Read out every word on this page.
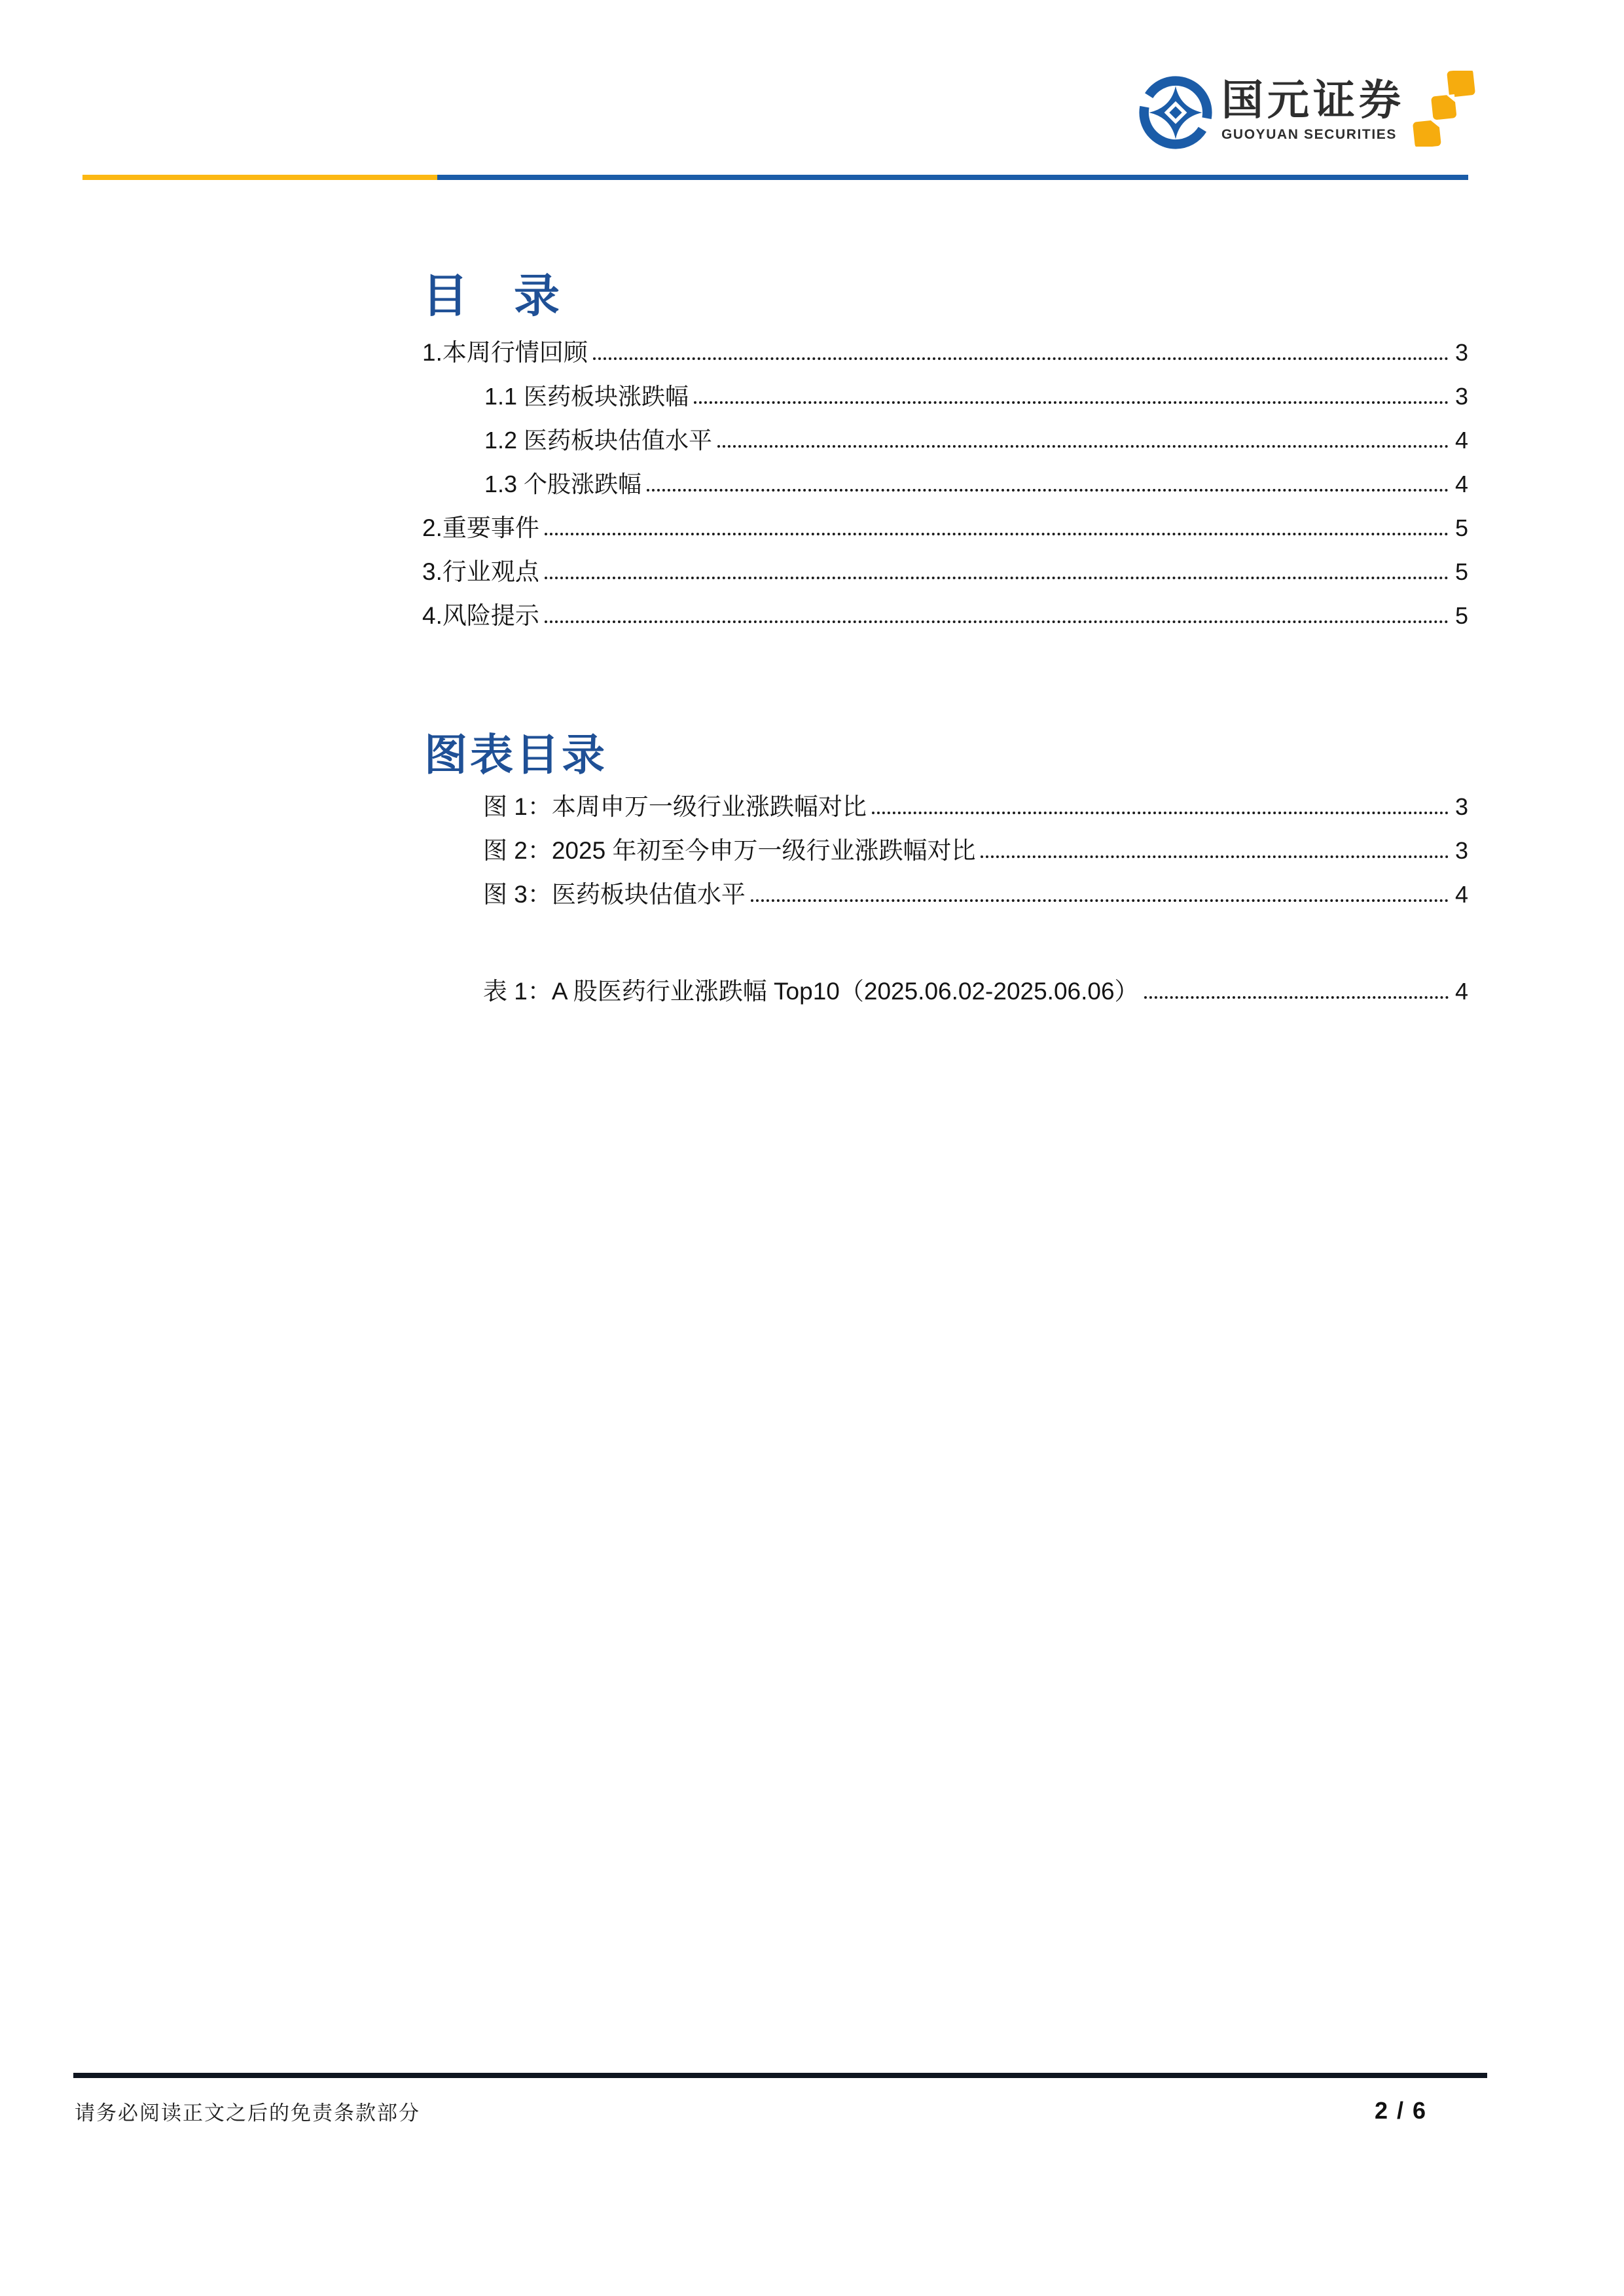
国元证券
GUOYUAN SECURITIES
目　录
1.本周行情回顾	3
1.1 医药板块涨跌幅	3
1.2 医药板块估值水平	4
1.3 个股涨跌幅	4
2.重要事件	5
3.行业观点	5
4.风险提示	5
图表目录
图 1：本周申万一级行业涨跌幅对比	3
图 2：2025 年初至今申万一级行业涨跌幅对比	3
图 3：医药板块估值水平	4
表 1：A 股医药行业涨跌幅 Top10（2025.06.02-2025.06.06）	4
请务必阅读正文之后的免责条款部分	2 / 6
